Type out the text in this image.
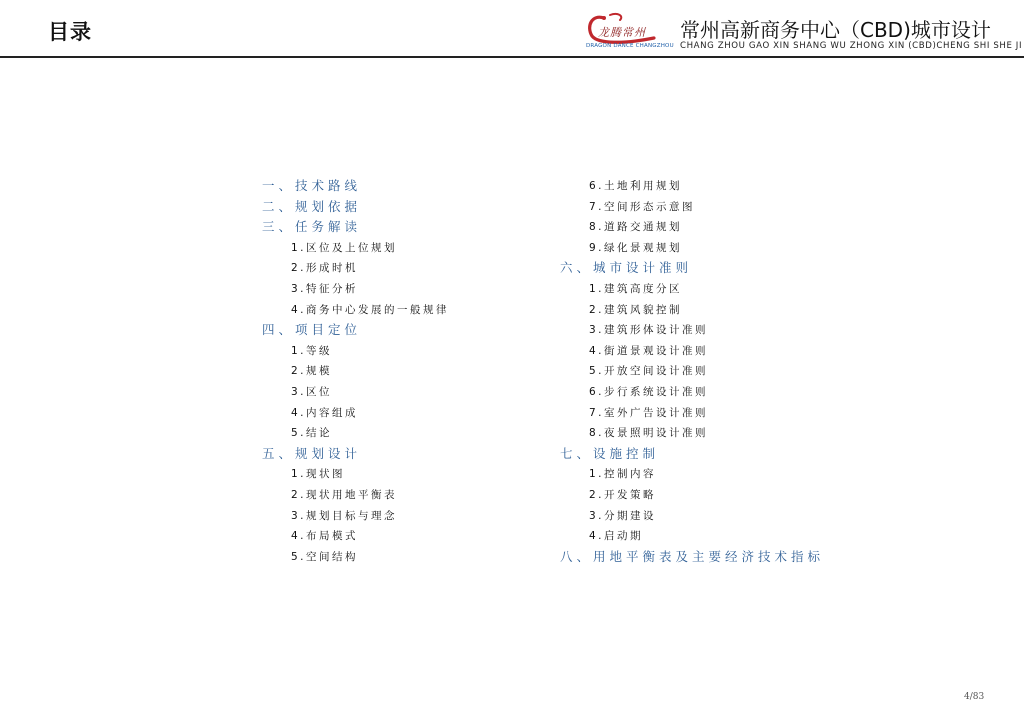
目录	龙腾常州
DRAGON DANCE CHANGZHOU
常州高新商务中心（CBD)城市设计
CHANG ZHOU GAO XIN SHANG WU ZHONG XIN (CBD)CHENG SHI SHE JI
一、技术路线
二、规划依据
三、任务解读
1.区位及上位规划
2.形成时机
3.特征分析
4.商务中心发展的一般规律
四、项目定位
1.等级
2.规模
3.区位
4.内容组成
5.结论
五、规划设计
1.现状图
2.现状用地平衡表
3.规划目标与理念
4.布局模式
5.空间结构
6.土地利用规划
7.空间形态示意图
8.道路交通规划
9.绿化景观规划
六、城市设计准则
1.建筑高度分区
2.建筑风貌控制
3.建筑形体设计准则
4.街道景观设计准则
5.开放空间设计准则
6.步行系统设计准则
7.室外广告设计准则
8.夜景照明设计准则
七、设施控制
1.控制内容
2.开发策略
3.分期建设
4.启动期
八、用地平衡表及主要经济技术指标
4/83
